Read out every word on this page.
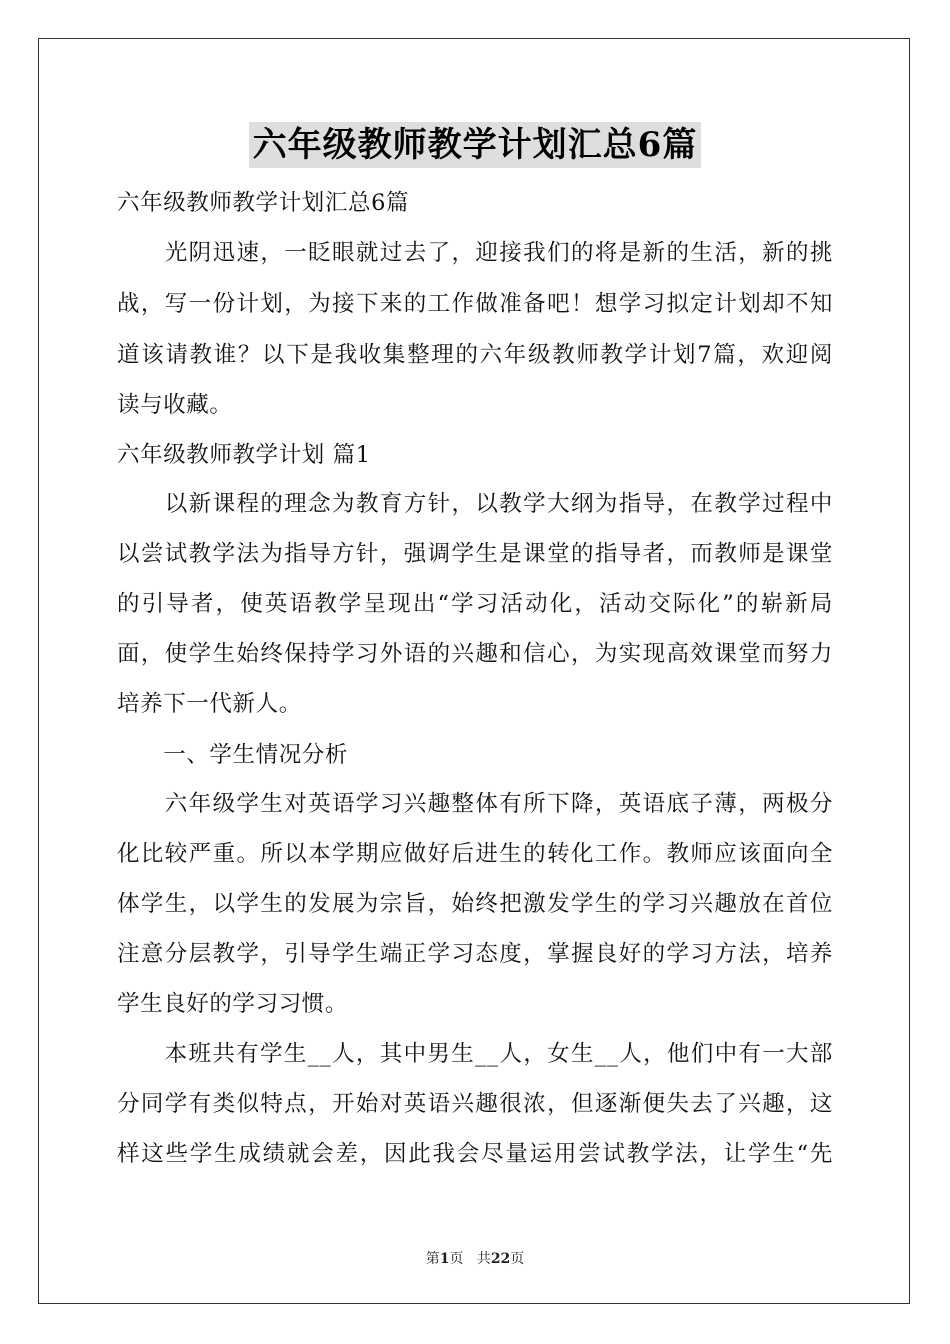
六年级教师教学计划汇总6篇
六年级教师教学计划汇总6篇
　　光阴迅速，一眨眼就过去了，迎接我们的将是新的生活，新的挑
战，写一份计划，为接下来的工作做准备吧！想学习拟定计划却不知
道该请教谁？以下是我收集整理的六年级教师教学计划7篇，欢迎阅
读与收藏。
六年级教师教学计划 篇1
　　以新课程的理念为教育方针，以教学大纲为指导，在教学过程中
以尝试教学法为指导方针，强调学生是课堂的指导者，而教师是课堂
的引导者，使英语教学呈现出“学习活动化，活动交际化”的崭新局
面，使学生始终保持学习外语的兴趣和信心，为实现高效课堂而努力
培养下一代新人。
　　一、学生情况分析
　　六年级学生对英语学习兴趣整体有所下降，英语底子薄，两极分
化比较严重。所以本学期应做好后进生的转化工作。教师应该面向全
体学生，以学生的发展为宗旨，始终把激发学生的学习兴趣放在首位
注意分层教学，引导学生端正学习态度，掌握良好的学习方法，培养
学生良好的学习习惯。
　　本班共有学生__人，其中男生__人，女生__人，他们中有一大部
分同学有类似特点，开始对英语兴趣很浓，但逐渐便失去了兴趣，这
样这些学生成绩就会差，因此我会尽量运用尝试教学法，让学生“先
第1页 共22页
